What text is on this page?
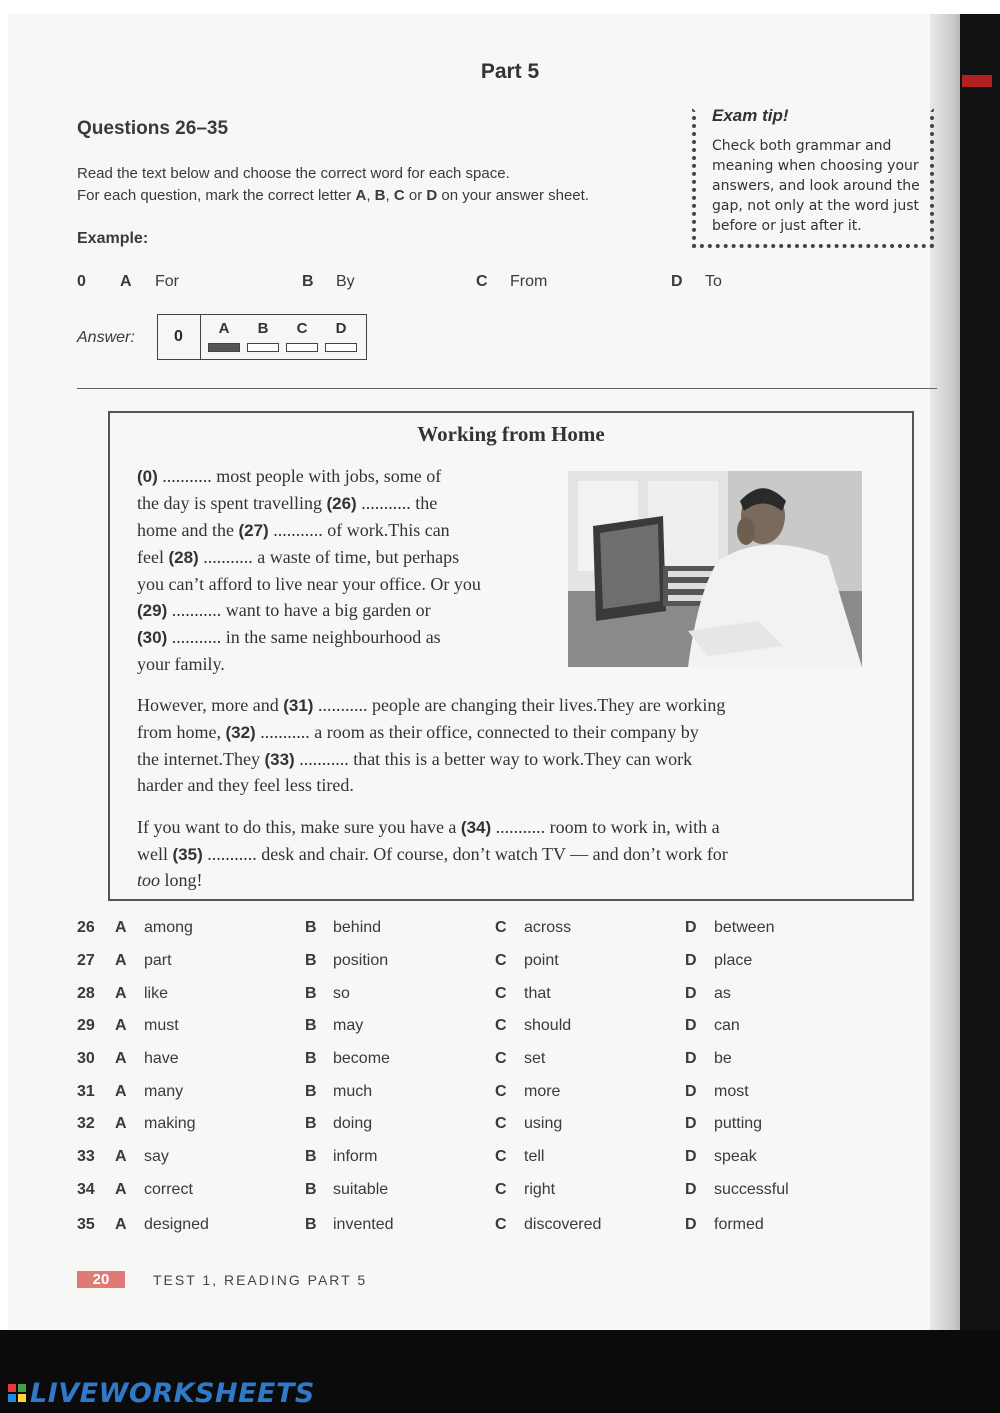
Part 5
Questions 26–35
Read the text below and choose the correct word for each space.
For each question, mark the correct letter A, B, C or D on your answer sheet.
Example:
Exam tip!
Check both grammar and
meaning when choosing your
answers, and look around the
gap, not only at the word just
before or just after it.
0 A For	B By	C From	D To
Answer:	0	A	B	C	D
Working from Home
(0) ........... most people with jobs, some of
the day is spent travelling (26) ........... the
home and the (27) ........... of work.This can
feel (28) ........... a waste of time, but perhaps
you can’t afford to live near your office. Or you
(29) ........... want to have a big garden or
(30) ........... in the same neighbourhood as
your family.
However, more and (31) ........... people are changing their lives.They are working
from home, (32) ........... a room as their office, connected to their company by
the internet.They (33) ........... that this is a better way to work.They can work
harder and they feel less tired.
If you want to do this, make sure you have a (34) ........... room to work in, with a
well (35) ........... desk and chair. Of course, don’t watch TV — and don’t work for
too long!
26 A among	B behind	C across	D between
27 A part	B position	C point	D place
28 A like	B so	C that	D as
29 A must	B may	C should	D can
30 A have	B become	C set	D be
31 A many	B much	C more	D most
32 A making	B doing	C using	D putting
33 A say	B inform	C tell	D speak
34 A correct	B suitable	C right	D successful
35 A designed	B invented	C discovered	D formed
20	TEST 1, READING PART 5
LIVEWORKSHEETS
